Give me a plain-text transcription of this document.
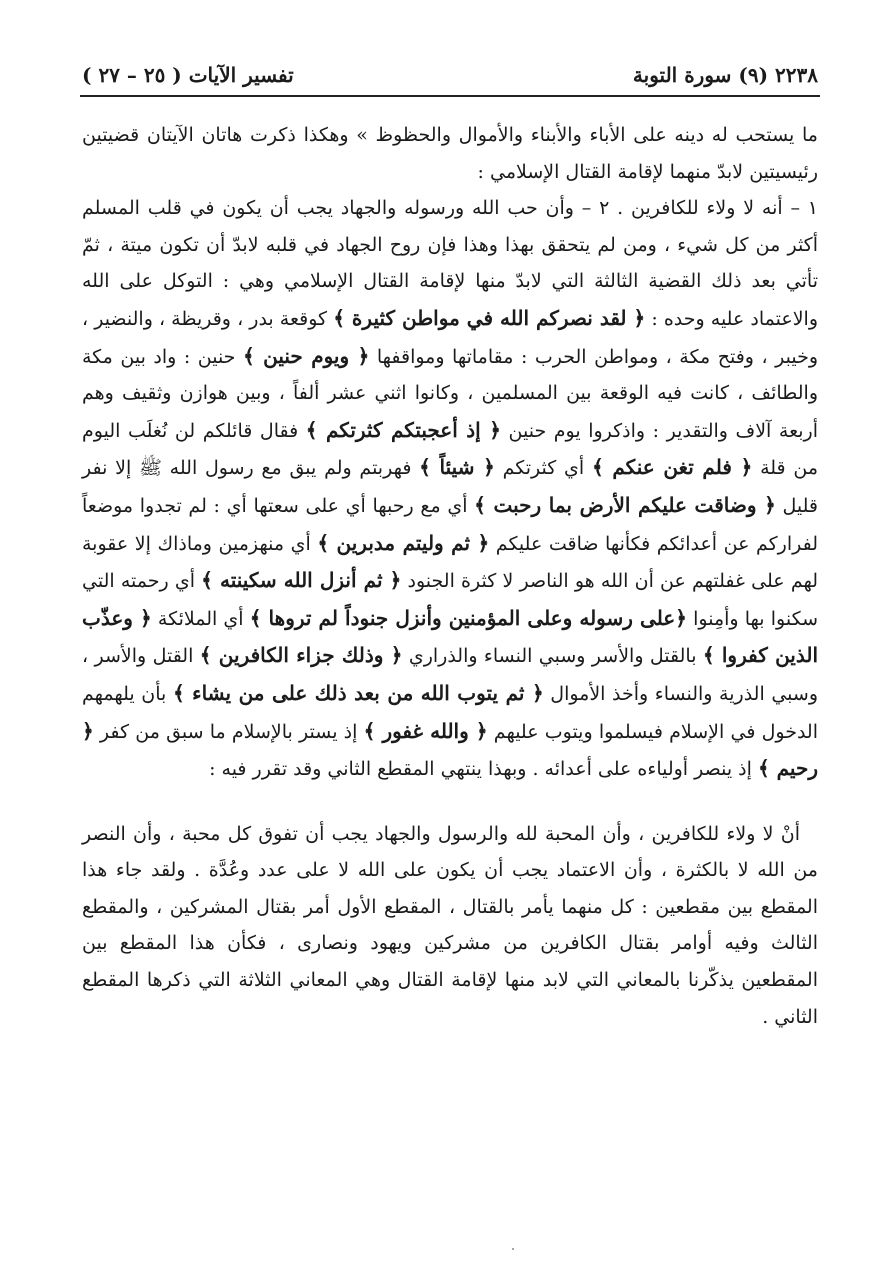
٢٢٣٨ (٩) سورة التوبة
تفسير الآيات ( ٢٥ – ٢٧ )

ما يستحب له دينه على الأباء والأبناء والأموال والحظوظ » وهكذا ذكرت هاتان الآيتان قضيتين رئيسيتين لابدّ منهما لإقامة القتال الإسلامي :

١ – أنه لا ولاء للكافرين . ٢ – وأن حب الله ورسوله والجهاد يجب أن يكون في قلب المسلم أكثر من كل شيء ، ومن لم يتحقق بهذا وهذا فإن روح الجهاد في قلبه لابدّ أن تكون ميتة ، ثمّ تأتي بعد ذلك القضية الثالثة التي لابدّ منها لإقامة القتال الإسلامي وهي : التوكل على الله والاعتماد عليه وحده : ﴿ لقد نصركم الله في مواطن كثيرة ﴾ كوقعة بدر ، وقريظة ، والنضير ، وخيبر ، وفتح مكة ، ومواطن الحرب : مقاماتها ومواقفها ﴿ ويوم حنين ﴾ حنين : واد بين مكة والطائف ، كانت فيه الوقعة بين المسلمين ، وكانوا اثني عشر ألفاً ، وبين هوازن وثقيف وهم أربعة آلاف والتقدير : واذكروا يوم حنين ﴿ إذ أعجبتكم كثرتكم ﴾ فقال قائلكم لن نُغلَب اليوم من قلة ﴿ فلم تغن عنكم ﴾ أي كثرتكم ﴿ شيئاً ﴾ فهربتم ولم يبق مع رسول الله ﷺ إلا نفر قليل ﴿ وضاقت عليكم الأرض بما رحبت ﴾ أي مع رحبها أي على سعتها أي : لم تجدوا موضعاً لفراركم عن أعدائكم فكأنها ضاقت عليكم ﴿ ثم وليتم مدبرين ﴾ أي منهزمين وماذاك إلا عقوبة لهم على غفلتهم عن أن الله هو الناصر لا كثرة الجنود ﴿ ثم أنزل الله سكينته ﴾ أي رحمته التي سكنوا بها وأمِنوا ﴿على رسوله وعلى المؤمنين وأنزل جنوداً لم تروها ﴾ أي الملائكة ﴿ وعذّب الذين كفروا ﴾ بالقتل والأسر وسبي النساء والذراري ﴿ وذلك جزاء الكافرين ﴾ القتل والأسر ، وسبي الذرية والنساء وأخذ الأموال ﴿ ثم يتوب الله من بعد ذلك على من يشاء ﴾ بأن يلهمهم الدخول في الإسلام فيسلموا ويتوب عليهم ﴿ والله غفور ﴾ إذ يستر بالإسلام ما سبق من كفر ﴿ رحيم ﴾ إذ ينصر أولياءه على أعدائه . وبهذا ينتهي المقطع الثاني وقد تقرر فيه :

أنْ لا ولاء للكافرين ، وأن المحبة لله والرسول والجهاد يجب أن تفوق كل محبة ، وأن النصر من الله لا بالكثرة ، وأن الاعتماد يجب أن يكون على الله لا على عدد وعُدَّة . ولقد جاء هذا المقطع بين مقطعين : كل منهما يأمر بالقتال ، المقطع الأول أمر بقتال المشركين ، والمقطع الثالث وفيه أوامر بقتال الكافرين من مشركين ويهود ونصارى ، فكأن هذا المقطع بين المقطعين يذكّرنا بالمعاني التي لابد منها لإقامة القتال وهي المعاني الثلاثة التي ذكرها المقطع الثاني .
